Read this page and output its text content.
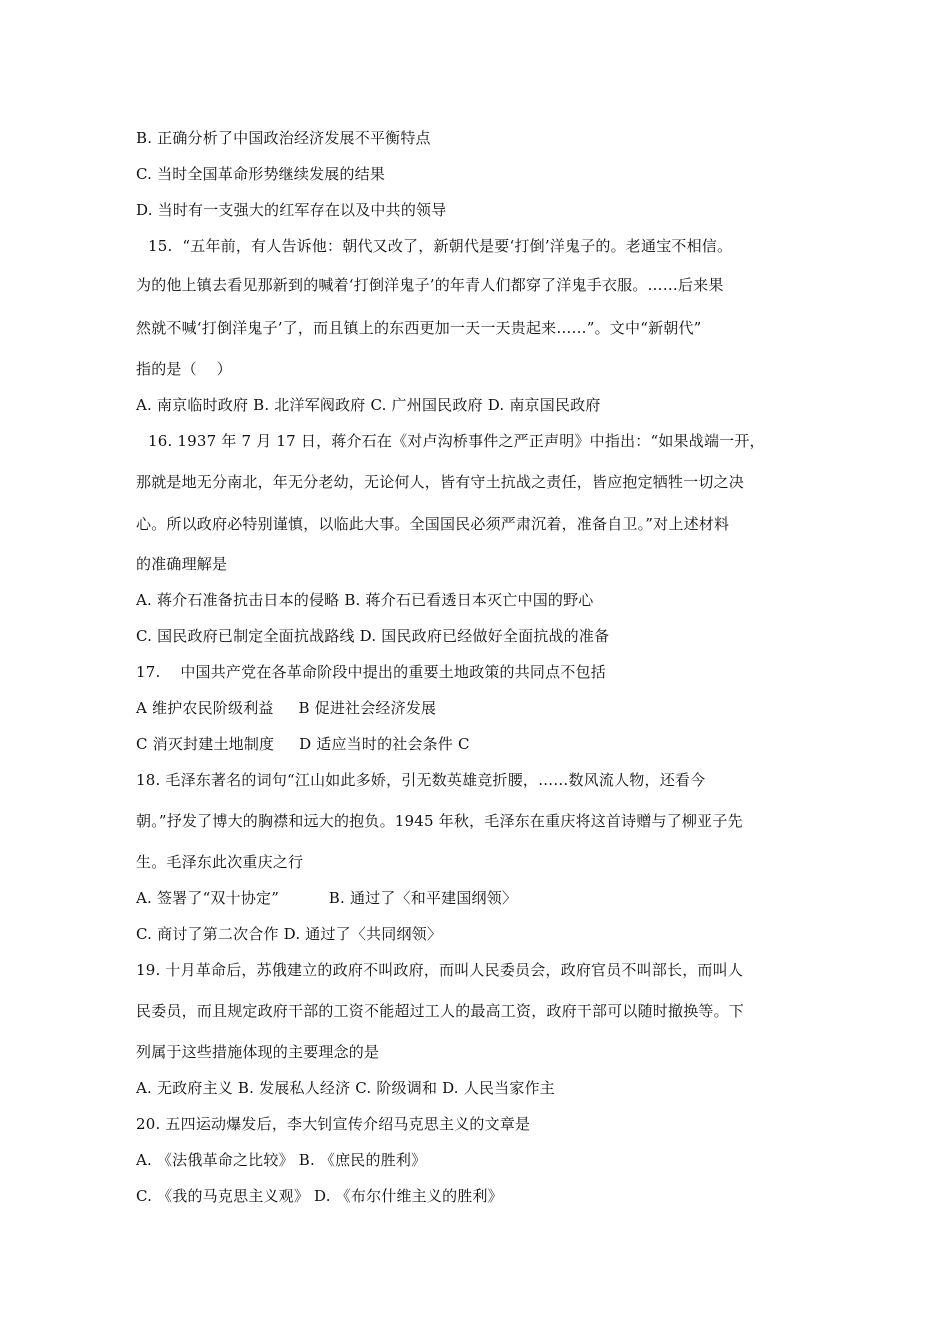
B. 正确分析了中国政治经济发展不平衡特点
C. 当时全国革命形势继续发展的结果
D. 当时有一支强大的红军存在以及中共的领导
15.  “五年前，有人告诉他：朝代又改了，新朝代是要‘打倒’洋鬼子的。老通宝不相信。
为的他上镇去看见那新到的喊着‘打倒洋鬼子’的年青人们都穿了洋鬼手衣服。……后来果
然就不喊‘打倒洋鬼子’了，而且镇上的东西更加一天一天贵起来……”。文中“新朝代”
指的是（    ）
A. 南京临时政府 B. 北洋军阀政府 C. 广州国民政府 D. 南京国民政府
16. 1937 年 7 月 17 日，蒋介石在《对卢沟桥事件之严正声明》中指出：“如果战端一开，
那就是地无分南北，年无分老幼，无论何人，皆有守土抗战之责任，皆应抱定牺牲一切之决
心。所以政府必特别谨慎，以临此大事。全国国民必须严肃沉着，准备自卫。”对上述材料
的准确理解是
A. 蒋介石准备抗击日本的侵略 B. 蒋介石已看透日本灭亡中国的野心
C. 国民政府已制定全面抗战路线 D. 国民政府已经做好全面抗战的准备
17.    中国共产党在各革命阶段中提出的重要土地政策的共同点不包括
A 维护农民阶级利益     B 促进社会经济发展
C 消灭封建土地制度     D 适应当时的社会条件 C
18. 毛泽东著名的词句“江山如此多娇，引无数英雄竞折腰，……数风流人物，还看今
朝。”抒发了博大的胸襟和远大的抱负。1945 年秋，毛泽东在重庆将这首诗赠与了柳亚子先
生。毛泽东此次重庆之行
A. 签署了“双十协定”          B. 通过了〈和平建国纲领〉
C. 商讨了第二次合作 D. 通过了〈共同纲领〉
19. 十月革命后，苏俄建立的政府不叫政府，而叫人民委员会，政府官员不叫部长，而叫人
民委员，而且规定政府干部的工资不能超过工人的最高工资，政府干部可以随时撤换等。下
列属于这些措施体现的主要理念的是
A. 无政府主义 B. 发展私人经济 C. 阶级调和 D. 人民当家作主
20. 五四运动爆发后，李大钊宣传介绍马克思主义的文章是
A. 《法俄革命之比较》 B. 《庶民的胜利》
C. 《我的马克思主义观》 D. 《布尔什维主义的胜利》
